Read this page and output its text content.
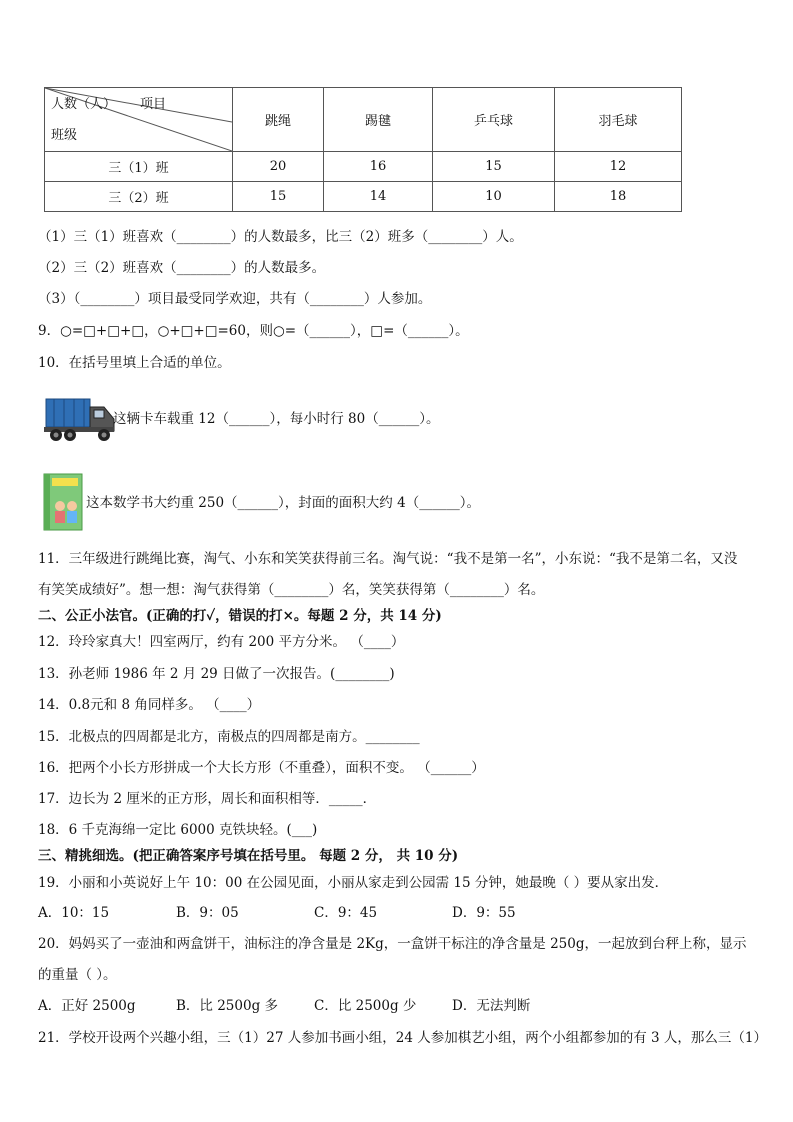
人数（人） 项目
班级	跳绳	踢毽	乒乓球	羽毛球
三（1）班	20	16	15	12
三（2）班	15	14	10	18
（1）三（1）班喜欢（________）的人数最多，比三（2）班多（________）人。
（2）三（2）班喜欢（________）的人数最多。
（3）（________）项目最受同学欢迎，共有（________）人参加。
9．○=□+□+□，○+□+□=60，则○=（______），□=（______）。
10．在括号里填上合适的单位。
这辆卡车载重 12（______），每小时行 80（______）。
这本数学书大约重 250（______），封面的面积大约 4（______）。
11．三年级进行跳绳比赛，淘气、小东和笑笑获得前三名。淘气说：“我不是第一名”，小东说：“我不是第二名，又没
有笑笑成绩好”。想一想：淘气获得第（________）名，笑笑获得第（________）名。
二、公正小法官。(正确的打✓，错误的打×。每题 2 分，共 14 分)
12．玲玲家真大！四室两厅，约有 200 平方分米。 （____）
13．孙老师 1986 年 2 月 29 日做了一次报告。(________)
14．0.8元和 8 角同样多。 （____）
15．北极点的四周都是北方，南极点的四周都是南方。________
16．把两个小长方形拼成一个大长方形（不重叠），面积不变。 （______）
17．边长为 2 厘米的正方形，周长和面积相等．_____．
18．6 千克海绵一定比 6000 克铁块轻。(___)
三、精挑细选。(把正确答案序号填在括号里。 每题 2 分， 共 10 分)
19．小丽和小英说好上午 10：00 在公园见面，小丽从家走到公园需 15 分钟，她最晚（ ）要从家出发．
A．10：15	B．9：05	C．9：45	D．9：55
20．妈妈买了一壶油和两盒饼干，油标注的净含量是 2Kg，一盒饼干标注的净含量是 250g，一起放到台秤上称，显示
的重量（ ）。
A．正好 2500g	B．比 2500g 多	C．比 2500g 少	D．无法判断
21．学校开设两个兴趣小组，三（1）27 人参加书画小组，24 人参加棋艺小组，两个小组都参加的有 3 人，那么三（1）
